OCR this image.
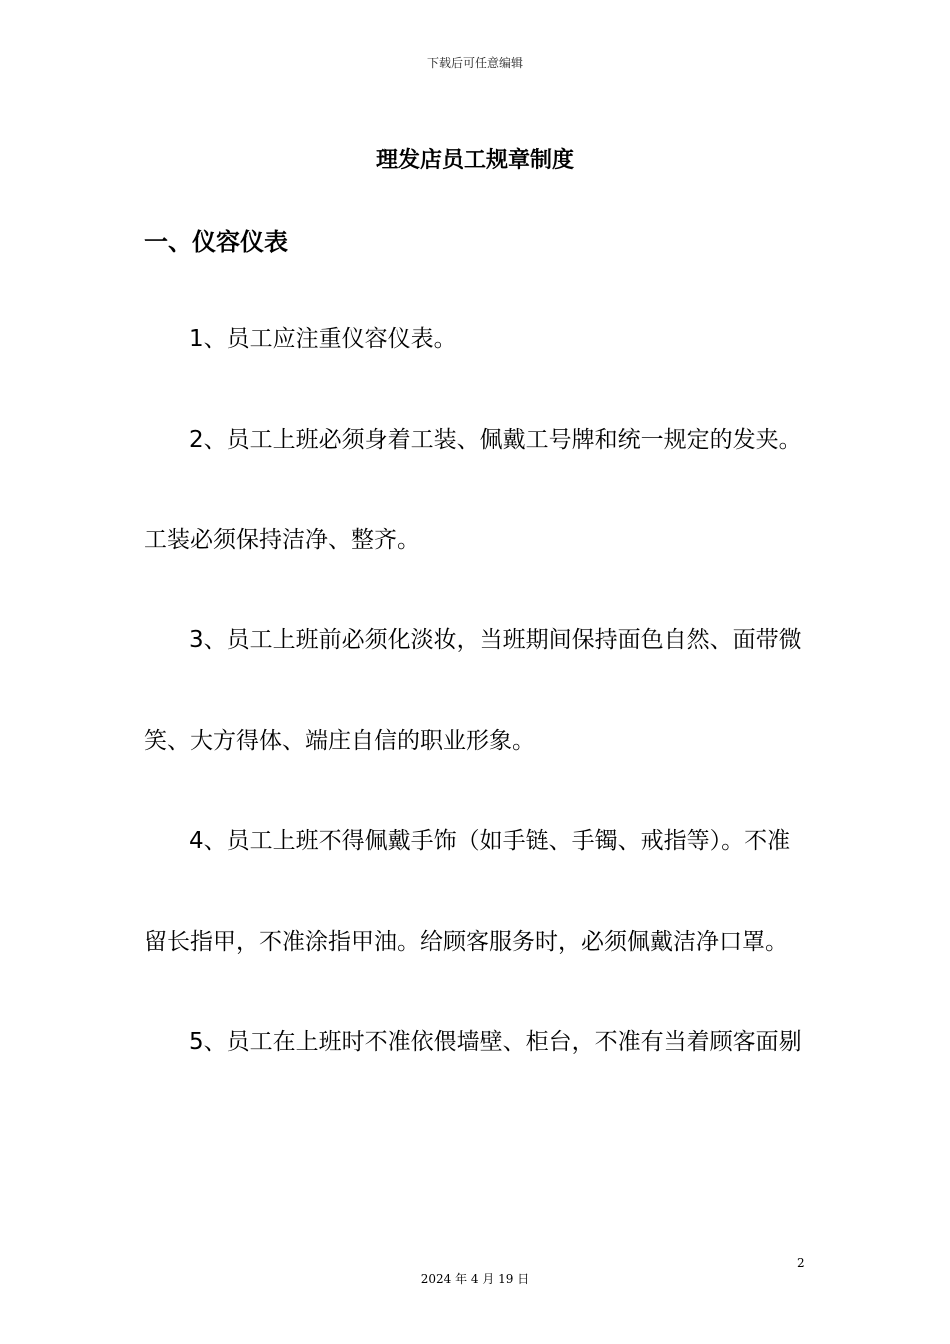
下载后可任意编辑
理发店员工规章制度
一、仪容仪表
1、员工应注重仪容仪表。
2、员工上班必须身着工装、佩戴工号牌和统一规定的发夹。
工装必须保持洁净、整齐。
3、员工上班前必须化淡妆，当班期间保持面色自然、面带微
笑、大方得体、端庄自信的职业形象。
4、员工上班不得佩戴手饰（如手链、手镯、戒指等）。不准
留长指甲，不准涂指甲油。给顾客服务时，必须佩戴洁净口罩。
5、员工在上班时不准依偎墙壁、柜台，不准有当着顾客面剔
2
2024 年 4 月 19 日
